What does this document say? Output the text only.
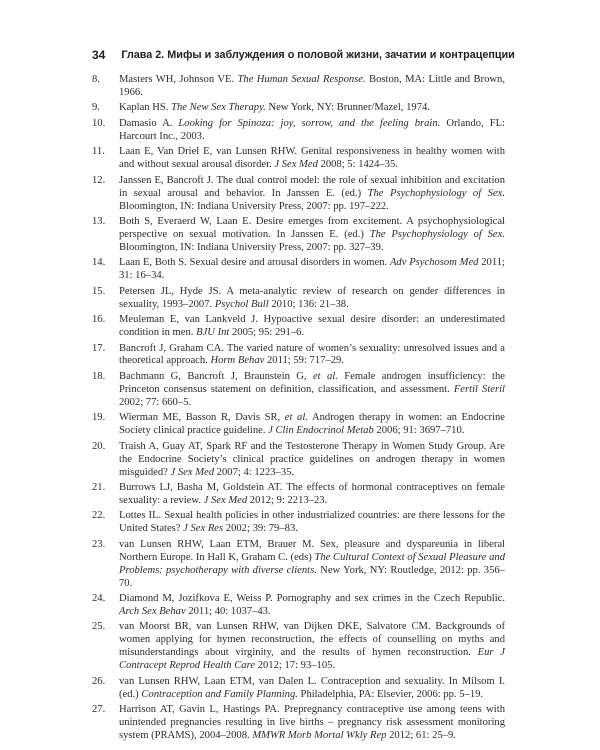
34 Глава 2. Мифы и заблуждения о половой жизни, зачатии и контрацепции
8.	Masters WH, Johnson VE. The Human Sexual Response. Boston, MA: Little and Brown, 1966.
9.	Kaplan HS. The New Sex Therapy. New York, NY: Brunner/Mazel, 1974.
10.	Damasio A. Looking for Spinoza: joy, sorrow, and the feeling brain. Orlando, FL: Harcourt Inc., 2003.
11.	Laan E, Van Driel E, van Lunsen RHW. Genital responsiveness in healthy women with and without sexual arousal disorder. J Sex Med 2008; 5: 1424–35.
12.	Janssen E, Bancroft J. The dual control model: the role of sexual inhibition and excitation in sexual arousal and behavior. In Janssen E. (ed.) The Psychophysiology of Sex. Bloomington, IN: Indiana University Press, 2007: pp. 197–222.
13.	Both S, Everaerd W, Laan E. Desire emerges from excitement. A psychophysiological perspective on sexual motivation. In Janssen E. (ed.) The Psychophysiology of Sex. Bloomington, IN: Indiana University Press, 2007: pp. 327–39.
14.	Laan E, Both S. Sexual desire and arousal disorders in women. Adv Psychosom Med 2011; 31: 16–34.
15.	Petersen JL, Hyde JS. A meta-analytic review of research on gender differences in sexuality, 1993–2007. Psychol Bull 2010; 136: 21–38.
16.	Meuleman E, van Lankveld J. Hypoactive sexual desire disorder: an underestimated condition in men. BJU Int 2005; 95: 291–6.
17.	Bancroft J, Graham CA. The varied nature of women’s sexuality: unresolved issues and a theoretical approach. Horm Behav 2011; 59: 717–29.
18.	Bachmann G, Bancroft J, Braunstein G, et al. Female androgen insufficiency: the Princeton consensus statement on definition, classification, and assessment. Fertil Steril 2002; 77: 660–5.
19.	Wierman ME, Basson R, Davis SR, et al. Androgen therapy in women: an Endocrine Society clinical practice guideline. J Clin Endocrinol Metab 2006; 91: 3697–710.
20.	Traish A, Guay AT, Spark RF and the Testosterone Therapy in Women Study Group. Are the Endocrine Society’s clinical practice guidelines on androgen therapy in women misguided? J Sex Med 2007; 4: 1223–35.
21.	Burrows LJ, Basha M, Goldstein AT. The effects of hormonal contraceptives on female sexuality: a review. J Sex Med 2012; 9: 2213–23.
22.	Lottes IL. Sexual health policies in other industrialized countries: are there lessons for the United States? J Sex Res 2002; 39: 79–83.
23.	van Lunsen RHW, Laan ETM, Brauer M. Sex, pleasure and dyspareunia in liberal Northern Europe. In Hall K, Graham C. (eds) The Cultural Context of Sexual Pleasure and Problems: psychotherapy with diverse clients. New York, NY: Routledge, 2012: pp. 356–70.
24.	Diamond M, Jozifkova E, Weiss P. Pornography and sex crimes in the Czech Republic. Arch Sex Behav 2011; 40: 1037–43.
25.	van Moorst BR, van Lunsen RHW, van Dijken DKE, Salvatore CM. Backgrounds of women applying for hymen reconstruction, the effects of counselling on myths and misunderstandings about virginity, and the results of hymen reconstruction. Eur J Contracept Reprod Health Care 2012; 17: 93–105.
26.	van Lunsen RHW, Laan ETM, van Dalen L. Contraception and sexuality. In Milsom I. (ed.) Contraception and Family Planning. Philadelphia, PA: Elsevier, 2006: pp. 5–19.
27.	Harrison AT, Gavin L, Hastings PA. Prepregnancy contraceptive use among teens with unintended pregnancies resulting in live births – pregnancy risk assessment monitoring system (PRAMS), 2004–2008. MMWR Morb Mortal Wkly Rep 2012; 61: 25–9.
